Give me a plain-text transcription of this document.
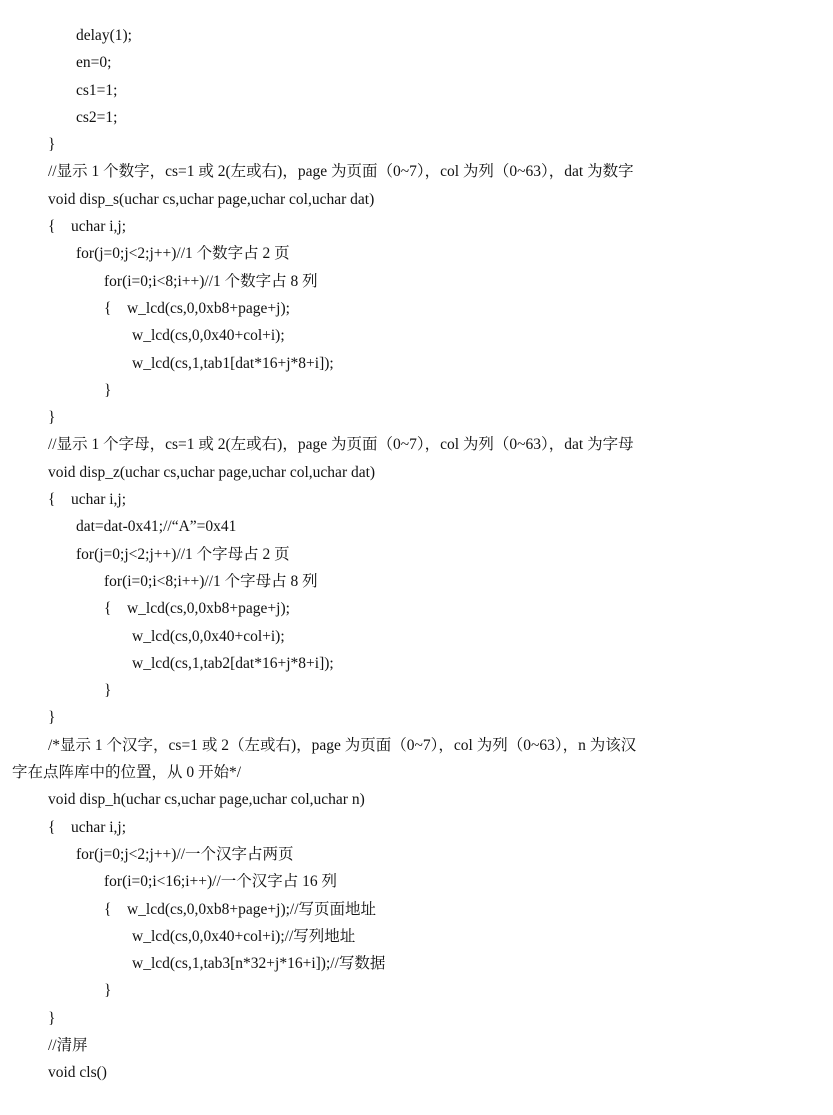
delay(1);
en=0;
cs1=1;
cs2=1;
}
//显示 1 个数字，cs=1 或 2(左或右)，page 为页面（0~7），col 为列（0~63），dat 为数字
void disp_s(uchar cs,uchar page,uchar col,uchar dat)
{    uchar i,j;
for(j=0;j<2;j++)//1 个数字占 2 页
for(i=0;i<8;i++)//1 个数字占 8 列
{    w_lcd(cs,0,0xb8+page+j);
w_lcd(cs,0,0x40+col+i);
w_lcd(cs,1,tab1[dat*16+j*8+i]);
}
}
//显示 1 个字母，cs=1 或 2(左或右)，page 为页面（0~7），col 为列（0~63），dat 为字母
void disp_z(uchar cs,uchar page,uchar col,uchar dat)
{    uchar i,j;
dat=dat-0x41;//“A”=0x41
for(j=0;j<2;j++)//1 个字母占 2 页
for(i=0;i<8;i++)//1 个字母占 8 列
{    w_lcd(cs,0,0xb8+page+j);
w_lcd(cs,0,0x40+col+i);
w_lcd(cs,1,tab2[dat*16+j*8+i]);
}
}
/*显示 1 个汉字，cs=1 或 2（左或右)，page 为页面（0~7），col 为列（0~63），n 为该汉
字在点阵库中的位置，从 0 开始*/
void disp_h(uchar cs,uchar page,uchar col,uchar n)
{    uchar i,j;
for(j=0;j<2;j++)//一个汉字占两页
for(i=0;i<16;i++)//一个汉字占 16 列
{    w_lcd(cs,0,0xb8+page+j);//写页面地址
w_lcd(cs,0,0x40+col+i);//写列地址
w_lcd(cs,1,tab3[n*32+j*16+i]);//写数据
}
}
//清屏
void cls()
